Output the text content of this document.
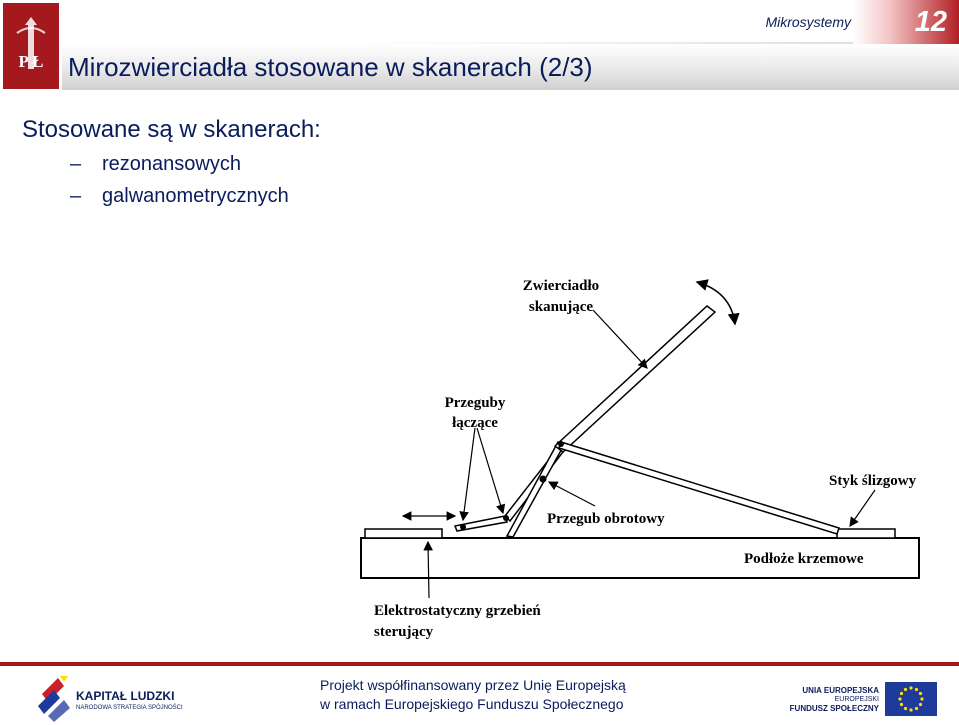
P Ł Mirozwierciadła stosowane w skanerach (2/3)
Mikrosystemy 12
Stosowane są w skanerach:
– rezonansowych
– galwanometrycznych
Zwierciadło
skanujące
Przeguby
łączące
Przegub obrotowy
Styk ślizgowy
Podłoże krzemowe
Elektrostatyczny grzebień
sterujący
KAPITAŁ LUDZKI
NARODOWA STRATEGIA SPÓJNOŚCI
Projekt współfinansowany przez Unię Europejską
w ramach Europejskiego Funduszu Społecznego
UNIA EUROPEJSKA
EUROPEJSKI
FUNDUSZ SPOŁECZNY
